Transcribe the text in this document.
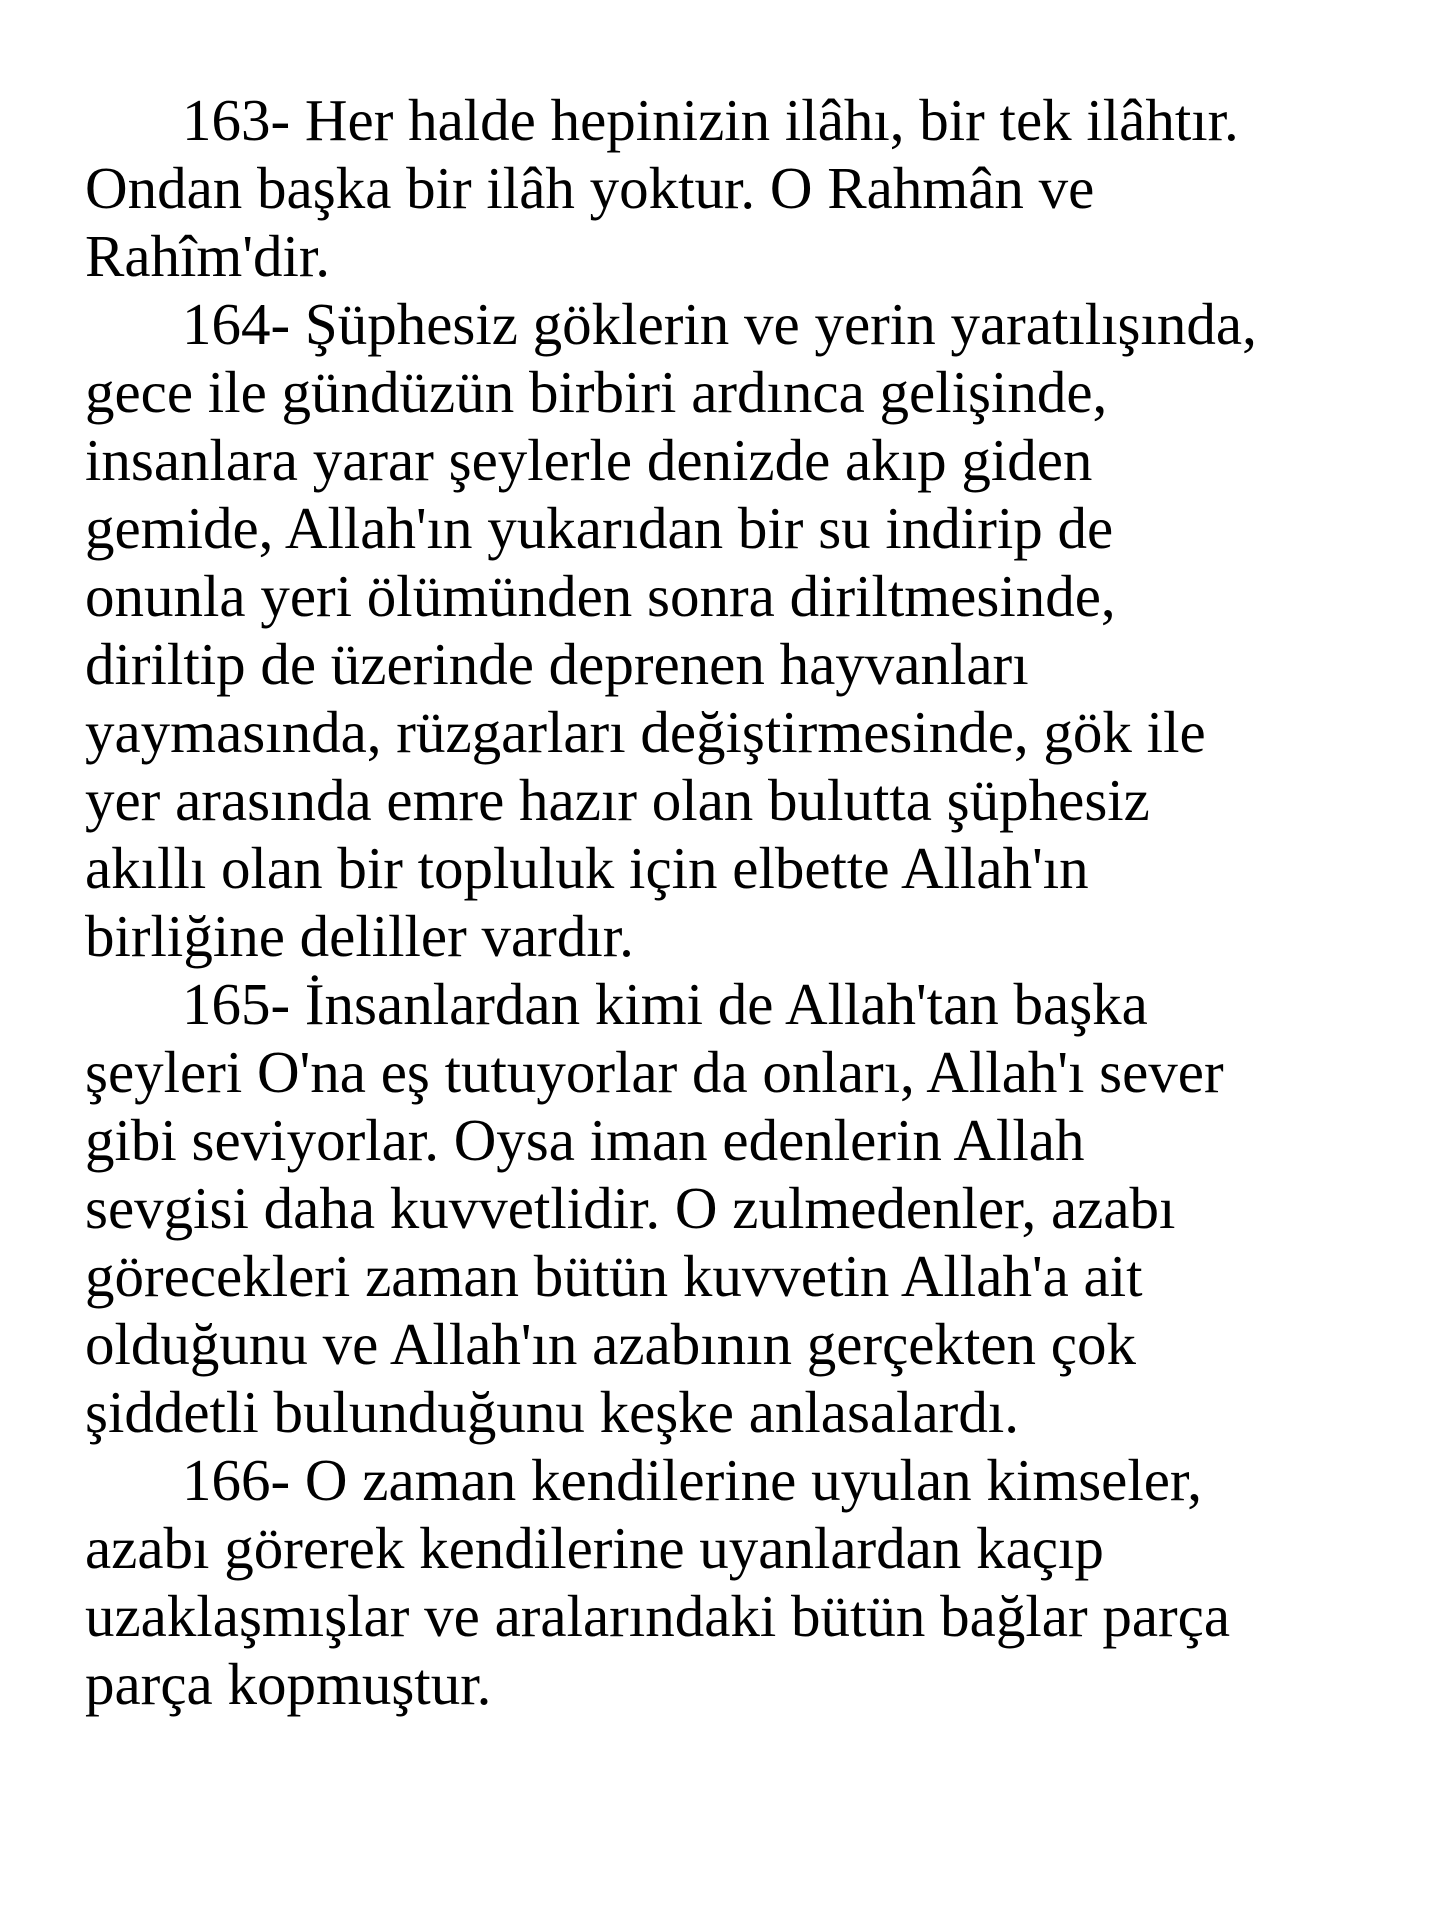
163- Her halde hepinizin ilâhı, bir tek ilâhtır.
Ondan başka bir ilâh yoktur. O Rahmân ve
Rahîm'dir.
164- Şüphesiz göklerin ve yerin yaratılışında,
gece ile gündüzün birbiri ardınca gelişinde,
insanlara yarar şeylerle denizde akıp giden
gemide, Allah'ın yukarıdan bir su indirip de
onunla yeri ölümünden sonra diriltmesinde,
diriltip de üzerinde deprenen hayvanları
yaymasında, rüzgarları değiştirmesinde, gök ile
yer arasında emre hazır olan bulutta şüphesiz
akıllı olan bir topluluk için elbette Allah'ın
birliğine deliller vardır.
165- İnsanlardan kimi de Allah'tan başka
şeyleri O'na eş tutuyorlar da onları, Allah'ı sever
gibi seviyorlar. Oysa iman edenlerin Allah
sevgisi daha kuvvetlidir. O zulmedenler, azabı
görecekleri zaman bütün kuvvetin Allah'a ait
olduğunu ve Allah'ın azabının gerçekten çok
şiddetli bulunduğunu keşke anlasalardı.
166- O zaman kendilerine uyulan kimseler,
azabı görerek kendilerine uyanlardan kaçıp
uzaklaşmışlar ve aralarındaki bütün bağlar parça
parça kopmuştur.
